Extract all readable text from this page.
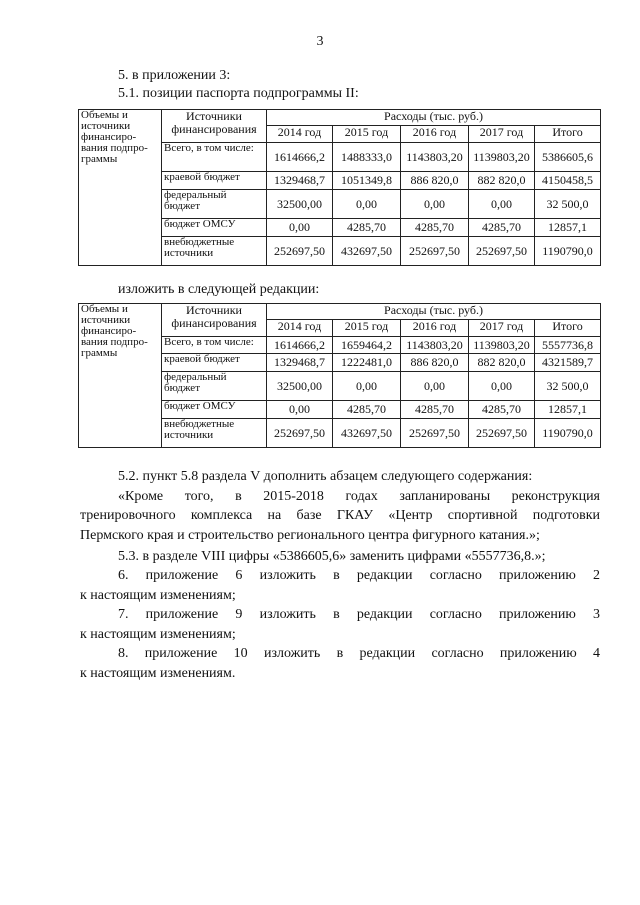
3
5. в приложении 3:
5.1. позиции паспорта подпрограммы II:
Объемы и источники финансиро-вания подпро-граммы	Источники финансирования	Расходы (тыс. руб.)				
		2014 год	2015 год	2016 год	2017 год	Итого
	Всего, в том числе:	1614666,2	1488333,0	1143803,20	1139803,20	5386605,6
	краевой бюджет	1329468,7	1051349,8	886 820,0	882 820,0	4150458,5
	федеральный бюджет	32500,00	0,00	0,00	0,00	32 500,0
	бюджет ОМСУ	0,00	4285,70	4285,70	4285,70	12857,1
	внебюджетные источники	252697,50	432697,50	252697,50	252697,50	1190790,0
изложить в следующей редакции:
Объемы и источники финансиро-вания подпро-граммы	Источники финансирования	Расходы (тыс. руб.)				
		2014 год	2015 год	2016 год	2017 год	Итого
	Всего, в том числе:	1614666,2	1659464,2	1143803,20	1139803,20	5557736,8
	краевой бюджет	1329468,7	1222481,0	886 820,0	882 820,0	4321589,7
	федеральный бюджет	32500,00	0,00	0,00	0,00	32 500,0
	бюджет ОМСУ	0,00	4285,70	4285,70	4285,70	12857,1
	внебюджетные источники	252697,50	432697,50	252697,50	252697,50	1190790,0
5.2. пункт 5.8 раздела V дополнить абзацем следующего содержания:
«Кроме того, в 2015-2018 годах запланированы реконструкция
тренировочного комплекса на базе ГКАУ «Центр спортивной подготовки
Пермского края и строительство регионального центра фигурного катания.»;
5.3. в разделе VIII цифры «5386605,6» заменить цифрами «5557736,8.»;
6. приложение 6 изложить в редакции согласно приложению 2
к настоящим изменениям;
7. приложение 9 изложить в редакции согласно приложению 3
к настоящим изменениям;
8. приложение 10 изложить в редакции согласно приложению 4
к настоящим изменениям.
